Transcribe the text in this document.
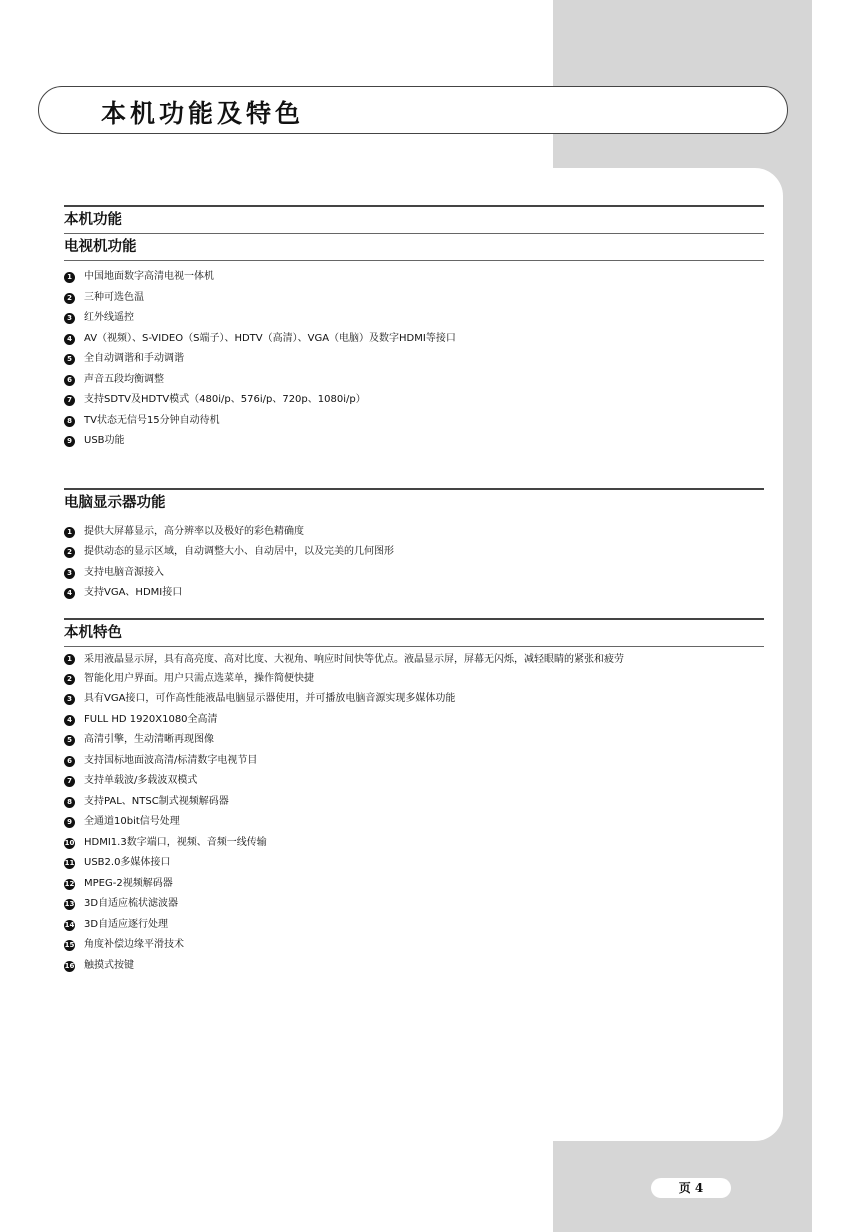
本机功能及特色
本机功能
电视机功能
1	中国地面数字高清电视一体机
2	三种可选色温
3	红外线遥控
4	AV（视频）、S-VIDEO（S端子）、HDTV（高清）、VGA（电脑）及数字HDMI等接口
5	全自动调谐和手动调谐
6	声音五段均衡调整
7	支持SDTV及HDTV模式（480i/p、576i/p、720p、1080i/p）
8	TV状态无信号15分钟自动待机
9	USB功能
电脑显示器功能
1	提供大屏幕显示，高分辨率以及极好的彩色精确度
2	提供动态的显示区域，自动调整大小、自动居中，以及完美的几何图形
3	支持电脑音源接入
4	支持VGA、HDMI接口
本机特色
1	采用液晶显示屏，具有高亮度、高对比度、大视角、响应时间快等优点。液晶显示屏，屏幕无闪烁，减轻眼睛的紧张和疲劳
2	智能化用户界面。用户只需点选菜单，操作简便快捷
3	具有VGA接口，可作高性能液晶电脑显示器使用，并可播放电脑音源实现多媒体功能
4	FULL HD 1920X1080全高清
5	高清引擎，生动清晰再现图像
6	支持国标地面波高清/标清数字电视节目
7	支持单载波/多载波双模式
8	支持PAL、NTSC制式视频解码器
9	全通道10bit信号处理
10 HDMI1.3数字端口，视频、音频一线传输
11 USB2.0多媒体接口
12 MPEG-2视频解码器
13 3D自适应梳状滤波器
14 3D自适应逐行处理
15 角度补偿边缘平滑技术
16 触摸式按键
页 4
